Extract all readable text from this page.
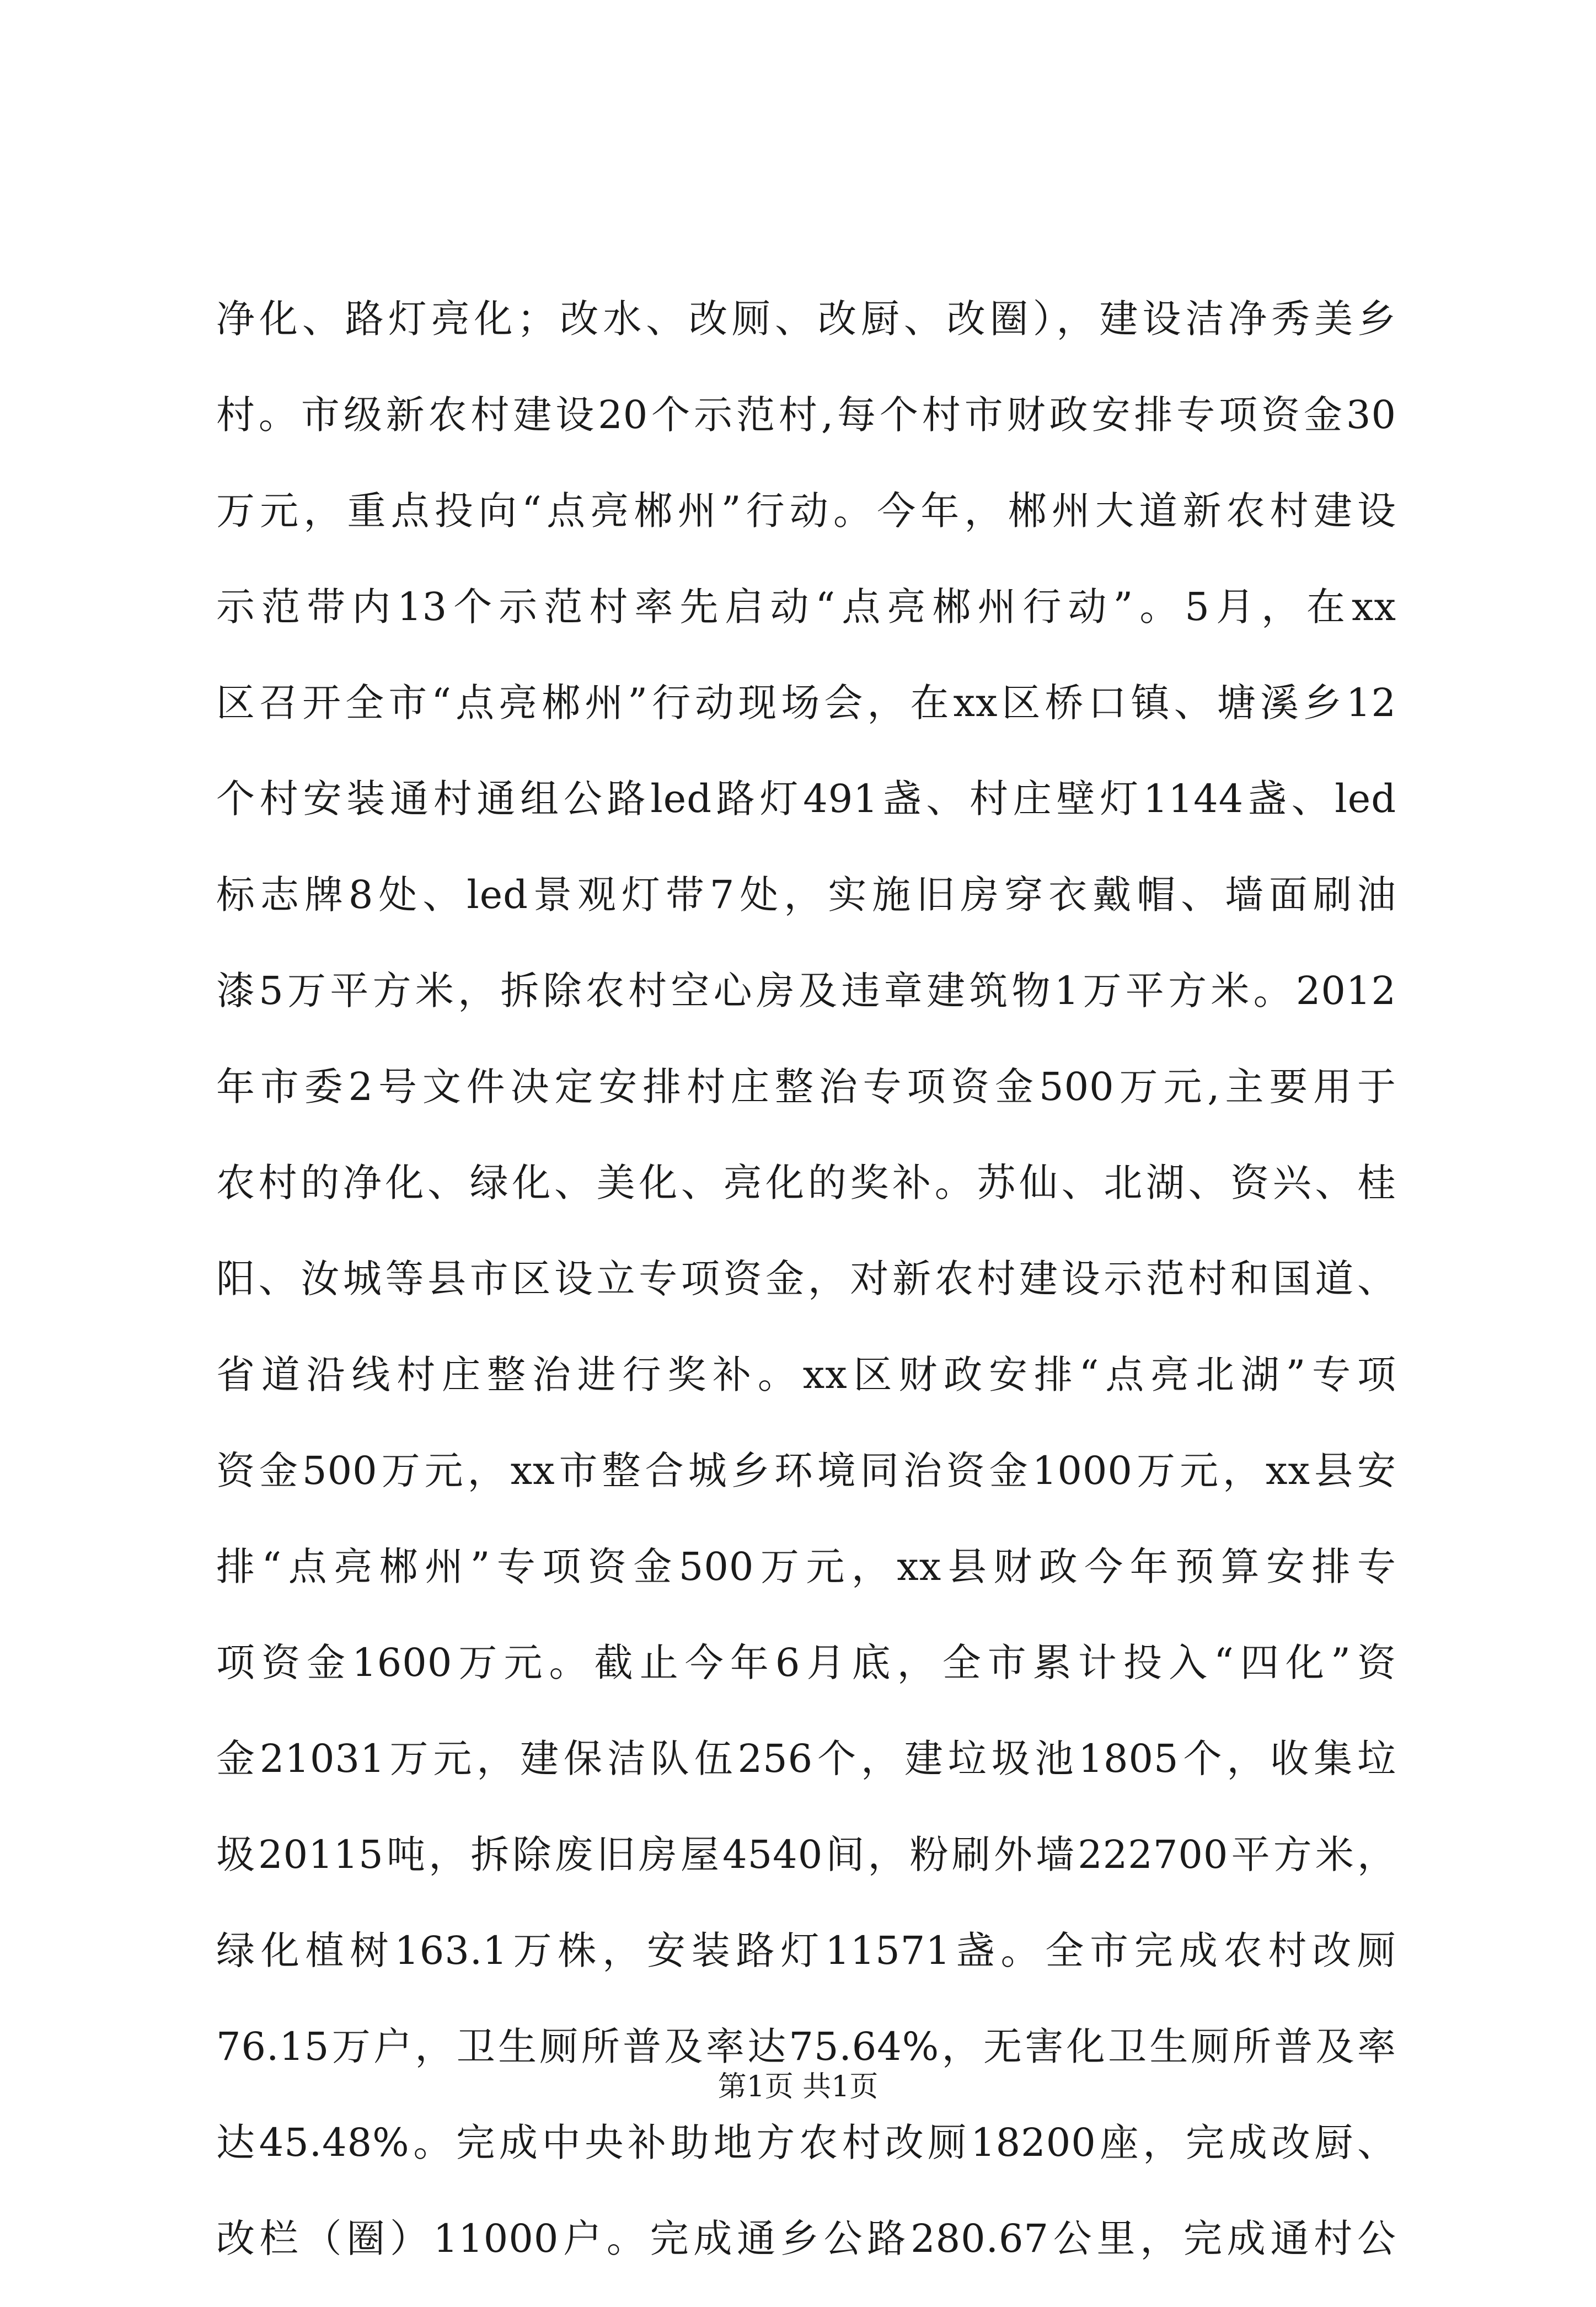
净化、路灯亮化；改水、改厕、改厨、改圈），建设洁净秀美乡
村。市级新农村建设20个示范村,每个村市财政安排专项资金30
万元，重点投向“点亮郴州”行动。今年，郴州大道新农村建设
示范带内13个示范村率先启动“点亮郴州行动”。5月，在xx
区召开全市“点亮郴州”行动现场会，在xx区桥口镇、塘溪乡12
个村安装通村通组公路led路灯491盏、村庄壁灯1144盏、led
标志牌8处、led景观灯带7处，实施旧房穿衣戴帽、墙面刷油
漆5万平方米，拆除农村空心房及违章建筑物1万平方米。2012
年市委2号文件决定安排村庄整治专项资金500万元,主要用于
农村的净化、绿化、美化、亮化的奖补。苏仙、北湖、资兴、桂
阳、汝城等县市区设立专项资金，对新农村建设示范村和国道、
省道沿线村庄整治进行奖补。xx区财政安排“点亮北湖”专项
资金500万元，xx市整合城乡环境同治资金1000万元，xx县安
排“点亮郴州”专项资金500万元，xx县财政今年预算安排专
项资金1600万元。截止今年6月底，全市累计投入“四化”资
金21031万元，建保洁队伍256个，建垃圾池1805个，收集垃
圾20115吨，拆除废旧房屋4540间，粉刷外墙222700平方米，
绿化植树163.1万株，安装路灯11571盏。全市完成农村改厕
76.15万户，卫生厕所普及率达75.64%，无害化卫生厕所普及率
达45.48%。完成中央补助地方农村改厕18200座，完成改厨、
改栏（圈）11000户。完成通乡公路280.67公里，完成通村公
第1页 共1页
